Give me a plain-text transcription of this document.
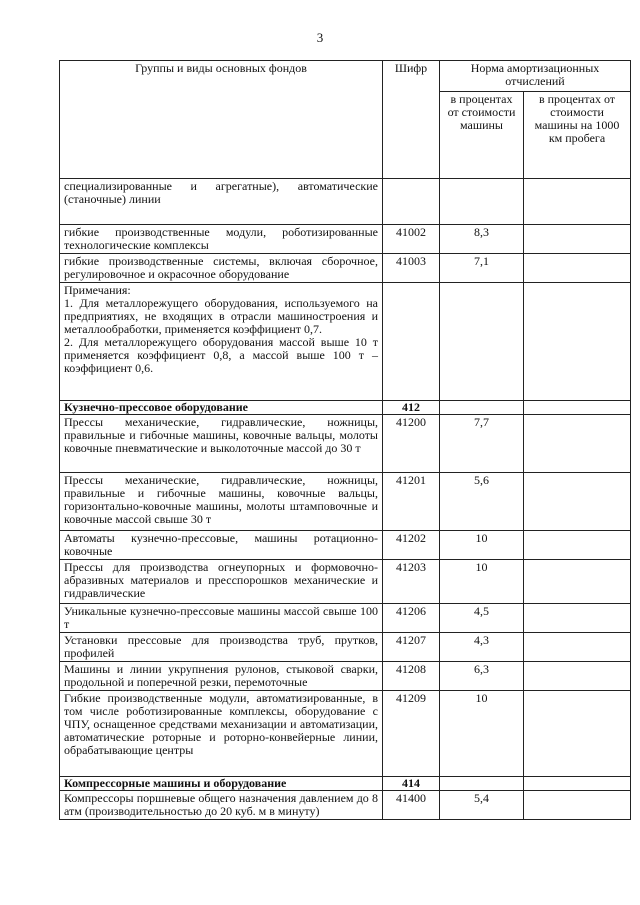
3
Группы и виды основных фондов	Шифр	Норма амортизационных отчислений	
		в процентах от стоимости машины	в процентах от стоимости машины на 1000 км пробега
специализированные и агрегатные), автоматические (станочные) линии			
гибкие производственные модули, роботизированные технологические комплексы	41002	8,3	
гибкие производственные системы, включая сборочное, регулировочное и окрасочное оборудование	41003	7,1	
Примечания:
1. Для металлорежущего оборудования, используемого на предприятиях, не входящих в отрасли машиностроения и металлообработки, применяется коэффициент 0,7.
2. Для металлорежущего оборудования массой выше 10 т применяется коэффициент 0,8, а массой выше 100 т – коэффициент 0,6.			
Кузнечно-прессовое оборудование	412		
Прессы механические, гидравлические, ножницы, правильные и гибочные машины, ковочные вальцы, молоты ковочные пневматические и выколоточные массой до 30 т	41200	7,7	
Прессы механические, гидравлические, ножницы, правильные и гибочные машины, ковочные вальцы, горизонтально-ковочные машины, молоты штамповочные и ковочные массой свыше 30 т	41201	5,6	
Автоматы кузнечно-прессовые, машины ротационно-ковочные	41202	10	
Прессы для производства огнеупорных и формовочно-абразивных материалов и пресспорошков механические и гидравлические	41203	10	
Уникальные кузнечно-прессовые машины массой свыше 100 т	41206	4,5	
Установки прессовые для производства труб, прутков, профилей	41207	4,3	
Машины и линии укрупнения рулонов, стыковой сварки, продольной и поперечной резки, перемоточные	41208	6,3	
Гибкие производственные модули, автоматизированные, в том числе роботизированные комплексы, оборудование с ЧПУ, оснащенное средствами механизации и автоматизации, автоматические роторные и роторно-конвейерные линии, обрабатывающие центры	41209	10	
Компрессорные машины и оборудование	414		
Компрессоры поршневые общего назначения давлением до 8 атм (производительностью до 20 куб. м в минуту)	41400	5,4	
